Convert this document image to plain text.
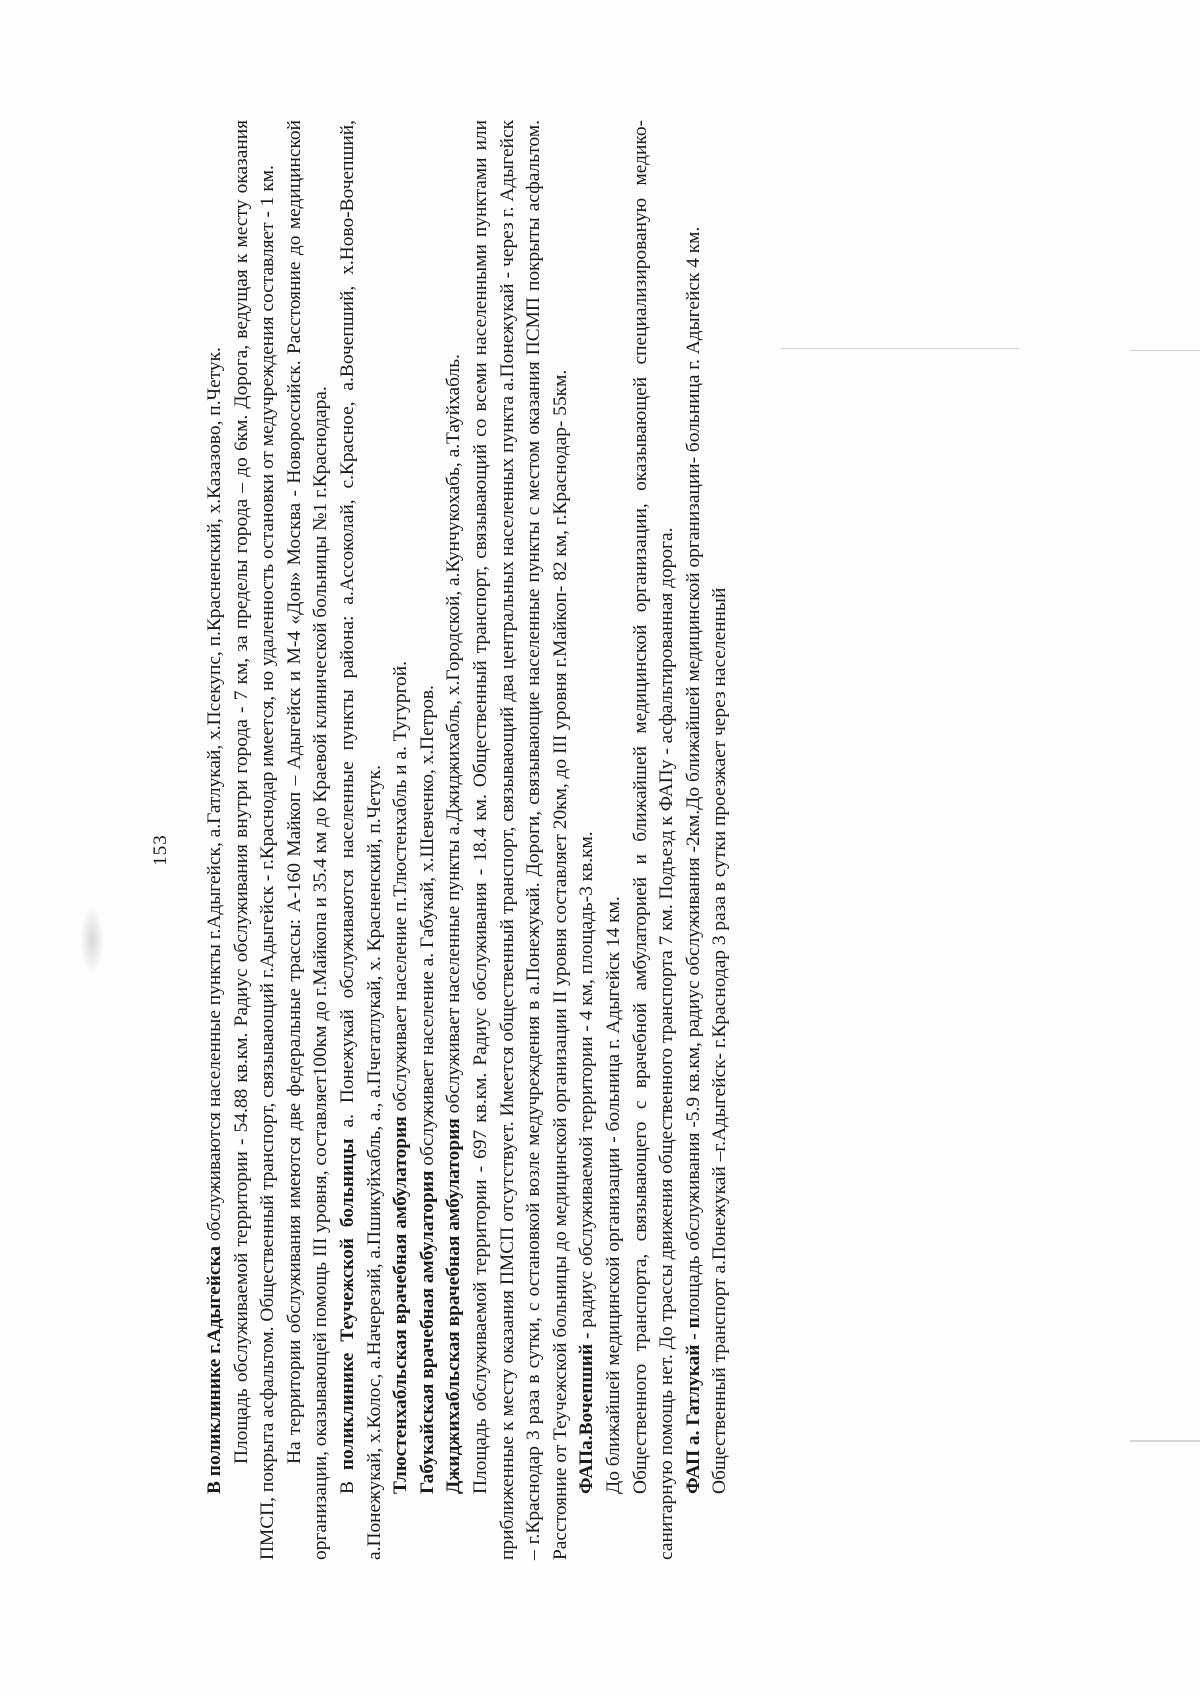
153

В поликлинике г.Адыгейска обслуживаются населенные пункты г.Адыгейск, а.Гатлукай, х.Псекупс, п.Красненский, х.Казазово, п.Четук. Площадь обслуживаемой территории - 54.88 кв.км. Радиус обслуживания внутри города - 7 км, за пределы города – до 6км. Дорога, ведущая к месту оказания ПМСП, покрыта асфальтом. Общественный транспорт, связывающий г.Адыгейск - г.Краснодар имеется, но удаленность остановки от медучреждения составляет - 1 км. На территории обслуживания имеются две федеральные трассы: А-160 Майкоп – Адыгейск и М-4 «Дон» Москва - Новороссийск. Расстояние до медицинской организации, оказывающей помощь III уровня, составляет100км до г.Майкопа и 35.4 км до Краевой клинической больницы №1 г.Краснодара. В поликлинике Теучежской больницы а. Понежукай обслуживаются населенные пункты района: а.Ассоколай, с.Красное, а.Вочепший, х.Ново-Вочепший, а.Понежукай, х.Колос, а.Начерезий, а.Пшикуйхабль, а., а.Пчегатлукай, х. Красненский, п.Четук. Тлюстенхабльская врачебная амбулатория обслуживает население п.Тлюстенхабль и а. Тугургой.

Габукайская врачебная амбулатория обслуживает население а. Габукай, х.Шевченко, х.Петров.

Джиджихабльская врачебная амбулатория обслуживает населенные пункты а.Джиджихабль, х.Городской, а.Кунчукохабь, а.Тауйхабль. Площадь обслуживаемой территории - 697 кв.км. Радиус обслуживания - 18.4 км. Общественный транспорт, связывающий со всеми населенными пунктами или приближенные к месту оказания ПМСП отсутствует. Имеется общественный транспорт, связывающий два центральных населенных пункта а.Понежукай - через г. Адыгейск – г.Краснодар 3 раза в сутки, с остановкой возле медучреждения в а.Понежукай. Дороги, связывающие населенные пункты с местом оказания ПСМП покрыты асфальтом. Расстояние от Теучежской больницы до медицинской организации II уровня составляет 20км, до III уровня г.Майкоп- 82 км, г.Краснодар- 55км. ФАПа.Вочепший - радиус обслуживаемой территории - 4 км, площадь-3 кв.км. До ближайшей медицинской организации - больница г. Адыгейск 14 км. Общественного транспорта, связывающего с врачебной амбулаторией и ближайшей медицинской организации, оказывающей специализированую медико-санитарную помощь нет. До трассы движения общественного транспорта 7 км. Подъезд к ФАПу - асфальтированная дорога. ФАП а. Гатлукай - площадь обслуживания -5.9 кв.км, радиус обслуживания -2км.До ближайшей медицинской организации- больница г. Адыгейск 4 км. Общественный транспорт а.Понежукай –г.Адыгейск- г.Краснодар 3 раза в сутки проезжает через населенный
